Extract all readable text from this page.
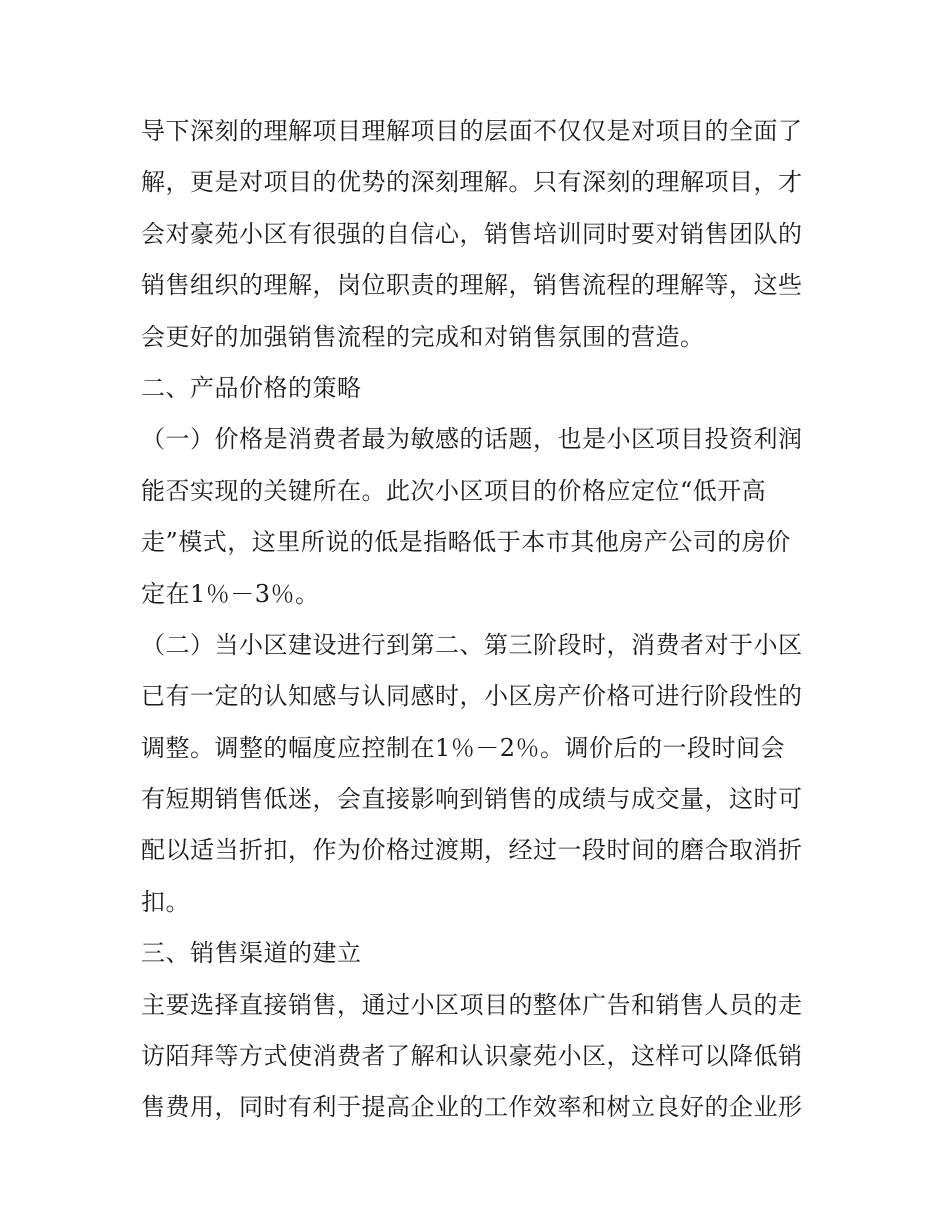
导下深刻的理解项目理解项目的层面不仅仅是对项目的全面了
解，更是对项目的优势的深刻理解。只有深刻的理解项目，才
会对豪苑小区有很强的自信心，销售培训同时要对销售团队的
销售组织的理解，岗位职责的理解，销售流程的理解等，这些
会更好的加强销售流程的完成和对销售氛围的营造。
二、产品价格的策略
（一）价格是消费者最为敏感的话题，也是小区项目投资利润
能否实现的关键所在。此次小区项目的价格应定位“低开高
走”模式，这里所说的低是指略低于本市其他房产公司的房价
定在1％－3％。
（二）当小区建设进行到第二、第三阶段时，消费者对于小区
已有一定的认知感与认同感时，小区房产价格可进行阶段性的
调整。调整的幅度应控制在1％－2％。调价后的一段时间会
有短期销售低迷，会直接影响到销售的成绩与成交量，这时可
配以适当折扣，作为价格过渡期，经过一段时间的磨合取消折
扣。
三、销售渠道的建立
主要选择直接销售，通过小区项目的整体广告和销售人员的走
访陌拜等方式使消费者了解和认识豪苑小区，这样可以降低销
售费用，同时有利于提高企业的工作效率和树立良好的企业形
